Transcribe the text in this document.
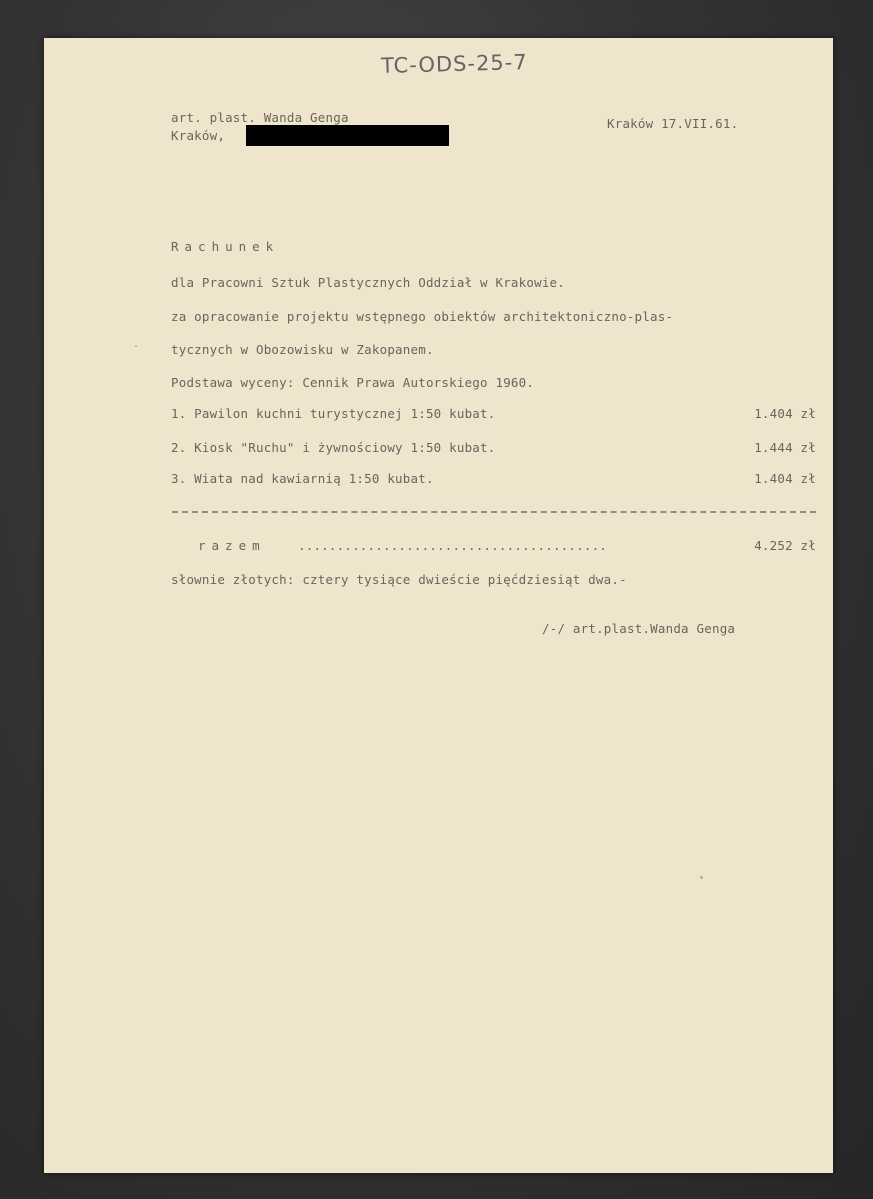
TC-ODS-25-7
art. plast. Wanda Genga
Kraków,
Kraków 17.VII.61.
Rachunek
dla Pracowni Sztuk Plastycznych Oddział w Krakowie.
za opracowanie projektu wstępnego obiektów architektoniczno-plas-
tycznych w Obozowisku w Zakopanem.
Podstawa wyceny: Cennik Prawa Autorskiego 1960.
1. Pawilon kuchni turystycznej 1:50 kubat.	1.404 zł
2. Kiosk "Ruchu" i żywnościowy 1:50 kubat.	1.444 zł
3. Wiata nad kawiarnią 1:50 kubat.	1.404 zł
razem	........................................	4.252 zł
słownie złotych: cztery tysiące dwieście pięćdziesiąt dwa.-
/-/ art.plast.Wanda Genga
